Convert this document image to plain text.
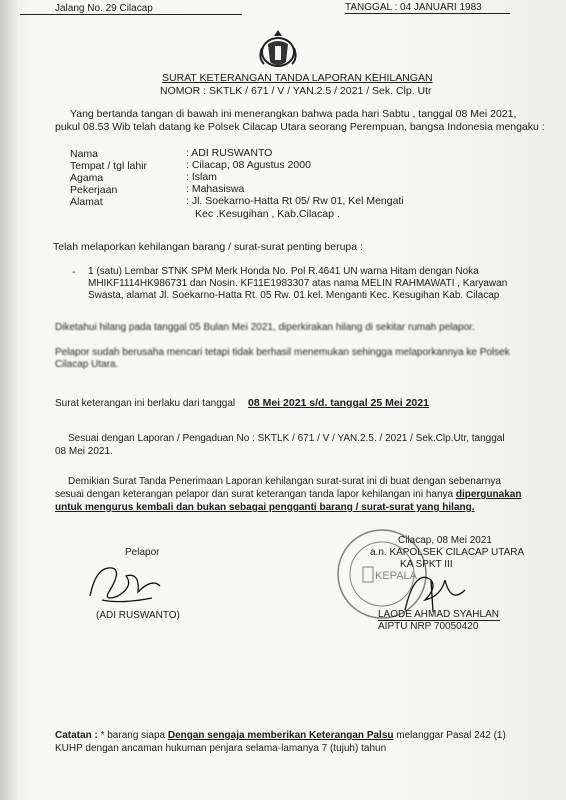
Jalang No. 29 Cilacap	TANGGAL : 04 JANUARI 1983
SURAT KETERANGAN TANDA LAPORAN KEHILANGAN
NOMOR : SKTLK / 671 / V / YAN.2.5 / 2021 / Sek. Clp. Utr
Yang bertanda tangan di bawah ini menerangkan bahwa pada hari Sabtu , tanggal 08 Mei 2021,
pukul 08.53 Wib telah datang ke Polsek Cilacap Utara seorang Perempuan, bangsa Indonesia mengaku :
Nama	: ADI RUSWANTO
Tempat / tgl lahir	: Cilacap, 08 Agustus 2000
Agama	: Islam
Pekerjaan	: Mahasiswa
Alamat	: Jl. Soekarno-Hatta Rt 05/ Rw 01, Kel Mengati
Kec .Kesugihan , Kab.Cilacap .
Telah melaporkan kehilangan barang / surat-surat penting berupa :
- 1 (satu) Lembar STNK SPM Merk Honda No. Pol R.4641 UN warna Hitam dengan Noka
MHIKF1114HK986731 dan Nosin. KF11E1983307 atas nama MELIN RAHMAWATI , Karyawan
Swasta, alamat Jl. Soekarno-Hatta Rt. 05 Rw. 01 kel. Menganti Kec. Kesugihan Kab. Cilacap
Diketahui hilang pada tanggal 05 Bulan Mei 2021, diperkirakan hilang di sekitar rumah pelapor.
Pelapor sudah berusaha mencari tetapi tidak berhasil menemukan sehingga melaporkannya ke Polsek
Cilacap Utara.
Surat keterangan ini berlaku dari tanggal 08 Mei 2021 s/d. tanggal 25 Mei 2021
Sesuai dengan Laporan / Pengaduan No : SKTLK / 671 / V / YAN.2.5. / 2021 / Sek.Clp.Utr, tanggal
08 Mei 2021.
Demikian Surat Tanda Penerimaan Laporan kehilangan surat-surat ini di buat dengan sebenarnya
sesuai dengan keterangan pelapor dan surat keterangan tanda lapor kehilangan ini hanya dipergunakan
untuk mengurus kembali dan bukan sebagai pengganti barang / surat-surat yang hilang.
Pelapor
(ADI RUSWANTO)
Cilacap, 08 Mei 2021
a.n. KAPOLSEK CILACAP UTARA
KA SPKT III
KEPALA
LAODE AHMAD SYAHLAN
AIPTU NRP 70050420
Catatan : * barang siapa Dengan sengaja memberikan Keterangan Palsu melanggar Pasal 242 (1)
KUHP dengan ancaman hukuman penjara selama-lamanya 7 (tujuh) tahun
